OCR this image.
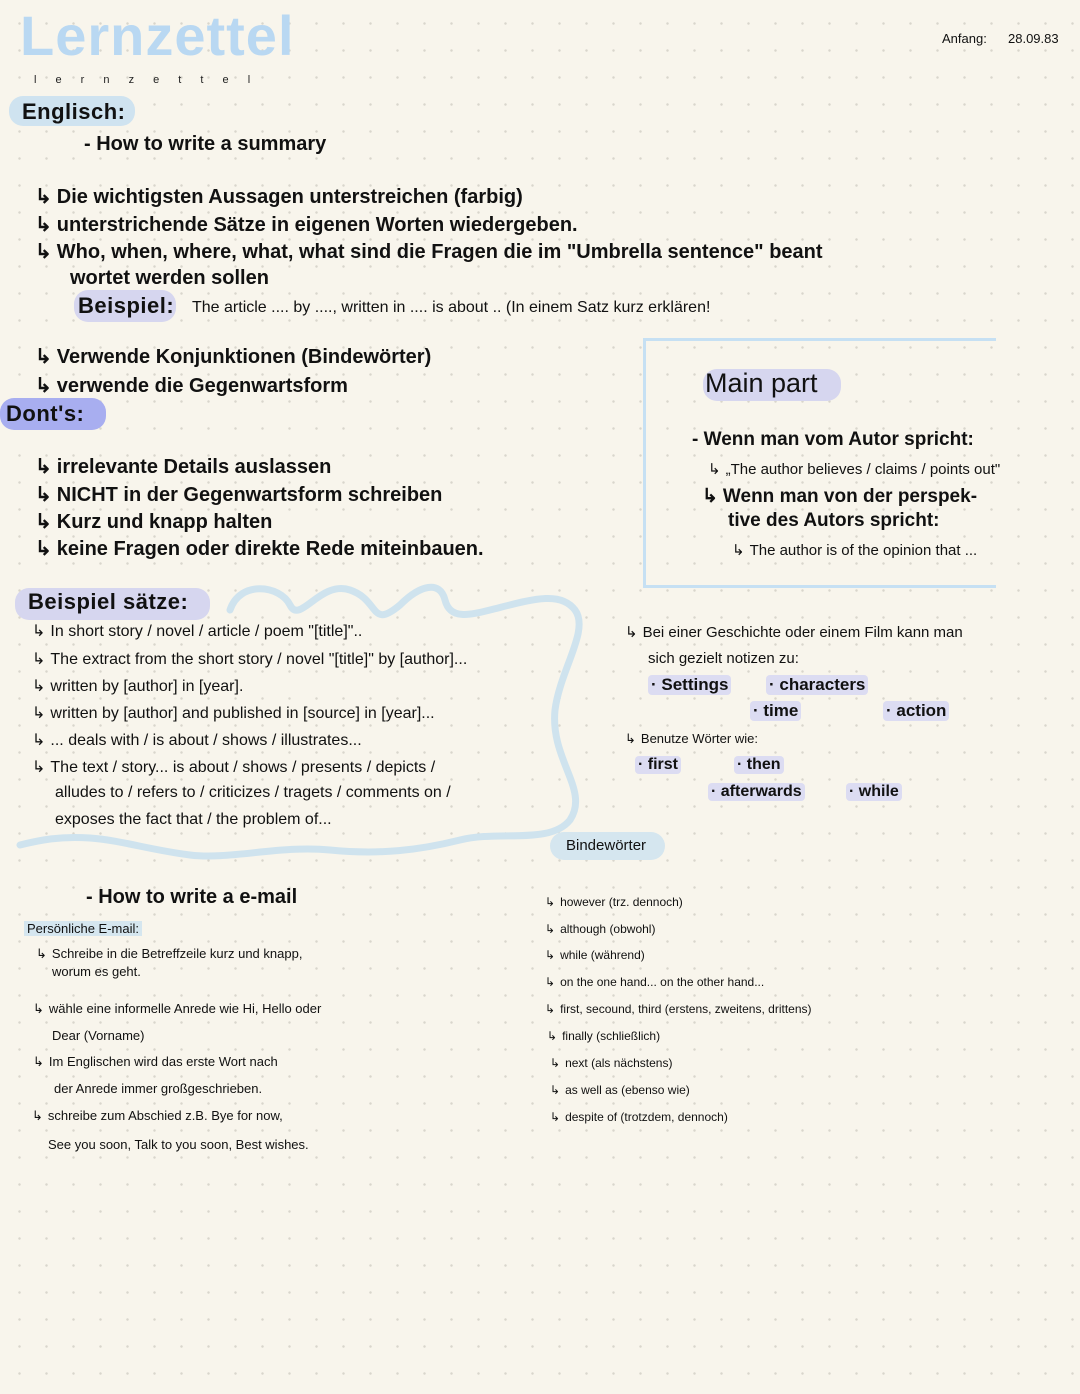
Lernzettel
l e r n z e t t e l
Anfang: 28.09.83
Englisch:
- How to write a summary
↳ Die wichtigsten Aussagen unterstreichen (farbig)
↳ unterstrichende Sätze in eigenen Worten wiedergeben.
↳ Who, when, where, what, what sind die Fragen die im "Umbrella sentence" beant
wortet werden sollen
Beispiel: The article .... by ...., written in .... is about .. (In einem Satz kurz erklären!
↳ Verwende Konjunktionen (Bindewörter)
↳ verwende die Gegenwartsform
Dont's:
↳ irrelevante Details auslassen
↳ NICHT in der Gegenwartsform schreiben
↳ Kurz und knapp halten
↳ keine Fragen oder direkte Rede miteinbauen.
Main part
- Wenn man vom Autor spricht:
↳ „The author believes / claims / points out"
↳ Wenn man von der perspek-
tive des Autors spricht:
↳ The author is of the opinion that ...
Beispiel sätze:
↳ In short story / novel / article / poem "[title]"..
↳ The extract from the short story / novel "[title]" by [author]...
↳ written by [author] in [year].
↳ written by [author] and published in [source] in [year]...
↳ ... deals with / is about / shows / illustrates...
↳ The text / story... is about / shows / presents / depicts /
alludes to / refers to / criticizes / tragets / comments on /
exposes the fact that / the problem of...
↳ Bei einer Geschichte oder einem Film kann man
sich gezielt notizen zu:
· Settings · characters
· time	· action
↳ Benutze Wörter wie:
· first	· then
· afterwards	· while
Bindewörter
↳ however (trz. dennoch)
↳ although (obwohl)
↳ while (während)
↳ on the one hand... on the other hand...
↳ first, secound, third (erstens, zweitens, drittens)
↳ finally (schließlich)
↳ next (als nächstens)
↳ as well as (ebenso wie)
↳ despite of (trotzdem, dennoch)
- How to write a e-mail
Persönliche E-mail:
↳ Schreibe in die Betreffzeile kurz und knapp,
worum es geht.
↳ wähle eine informelle Anrede wie Hi, Hello oder
Dear (Vorname)
↳ Im Englischen wird das erste Wort nach
der Anrede immer großgeschrieben.
↳ schreibe zum Abschied z.B. Bye for now,
See you soon, Talk to you soon, Best wishes.
